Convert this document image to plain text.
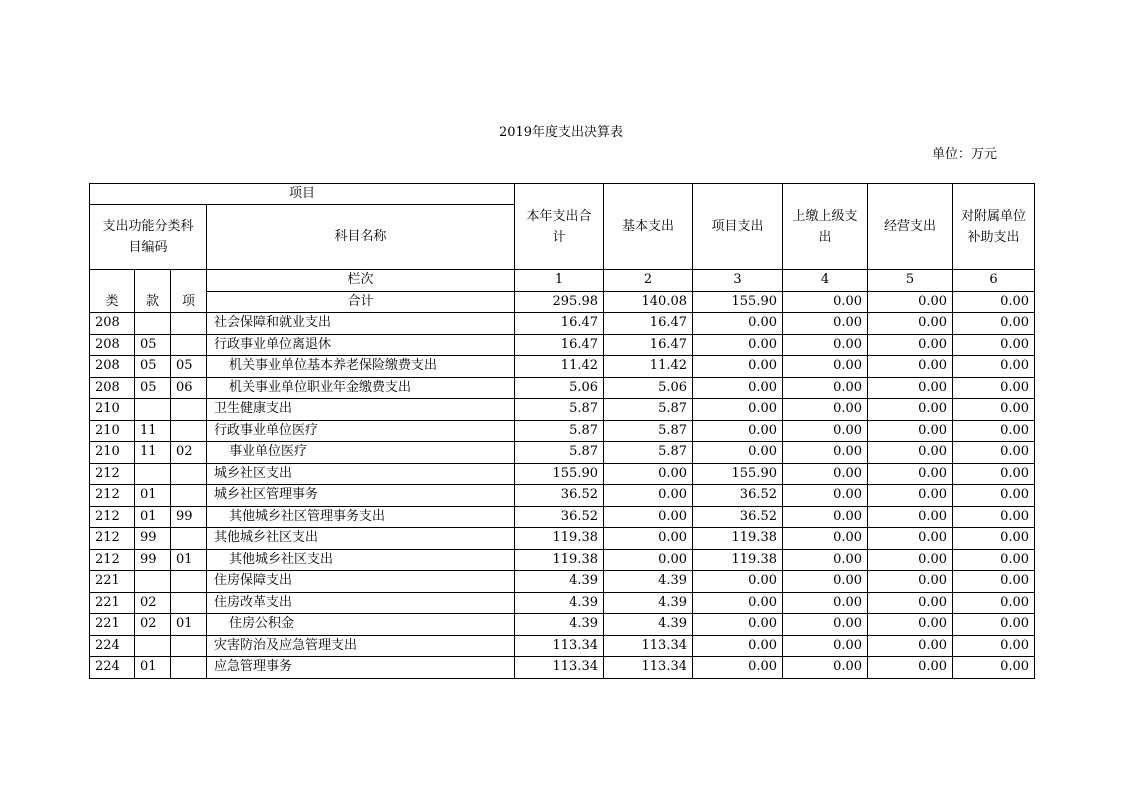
2019年度支出决算表
单位：万元
项目				本年支出合计	基本支出	项目支出	上缴上级支出	经营支出	对附属单位补助支出
支出功能分类科目编码			科目名称						
类	款	项	栏次	1	2	3	4	5	6
			合计	295.98	140.08	155.90	0.00	0.00	0.00
208			社会保障和就业支出	16.47	16.47	0.00	0.00	0.00	0.00
208	05		行政事业单位离退休	16.47	16.47	0.00	0.00	0.00	0.00
208	05	05	机关事业单位基本养老保险缴费支出	11.42	11.42	0.00	0.00	0.00	0.00
208	05	06	机关事业单位职业年金缴费支出	5.06	5.06	0.00	0.00	0.00	0.00
210			卫生健康支出	5.87	5.87	0.00	0.00	0.00	0.00
210	11		行政事业单位医疗	5.87	5.87	0.00	0.00	0.00	0.00
210	11	02	事业单位医疗	5.87	5.87	0.00	0.00	0.00	0.00
212			城乡社区支出	155.90	0.00	155.90	0.00	0.00	0.00
212	01		城乡社区管理事务	36.52	0.00	36.52	0.00	0.00	0.00
212	01	99	其他城乡社区管理事务支出	36.52	0.00	36.52	0.00	0.00	0.00
212	99		其他城乡社区支出	119.38	0.00	119.38	0.00	0.00	0.00
212	99	01	其他城乡社区支出	119.38	0.00	119.38	0.00	0.00	0.00
221			住房保障支出	4.39	4.39	0.00	0.00	0.00	0.00
221	02		住房改革支出	4.39	4.39	0.00	0.00	0.00	0.00
221	02	01	住房公积金	4.39	4.39	0.00	0.00	0.00	0.00
224			灾害防治及应急管理支出	113.34	113.34	0.00	0.00	0.00	0.00
224	01		应急管理事务	113.34	113.34	0.00	0.00	0.00	0.00
